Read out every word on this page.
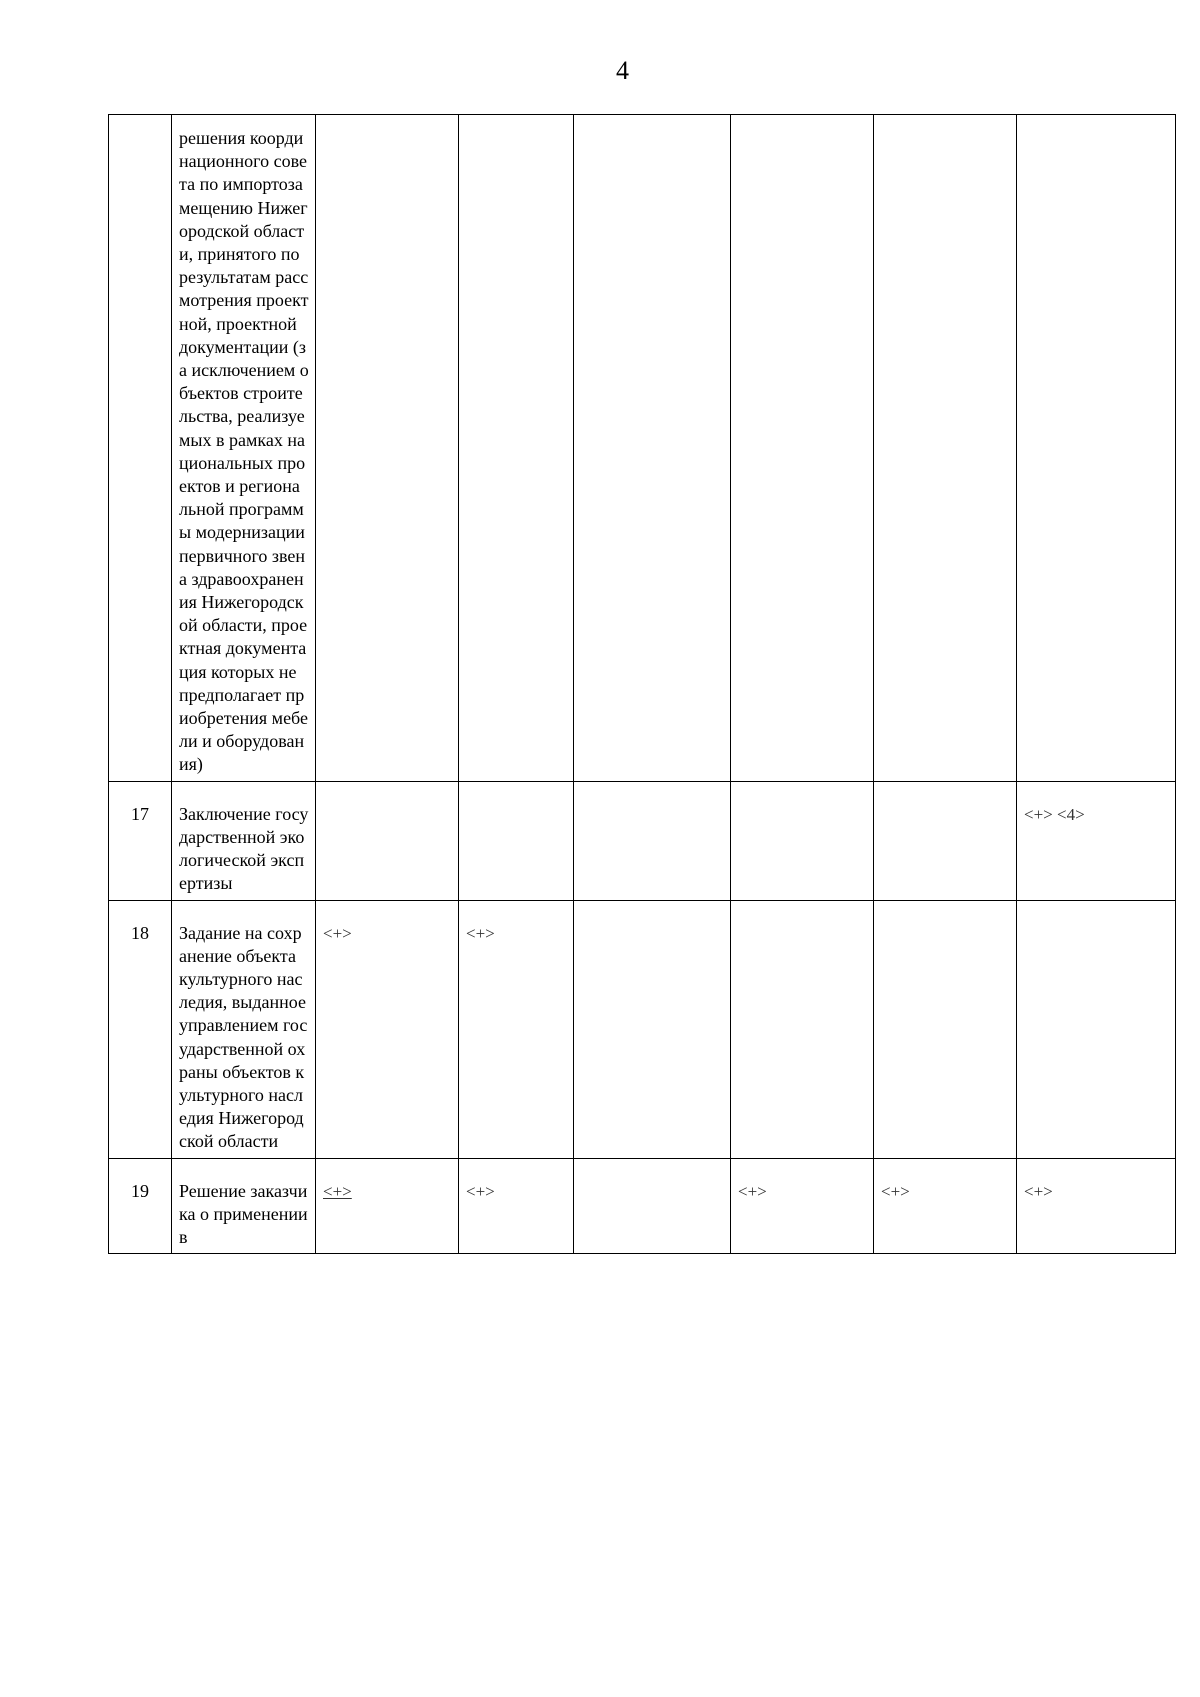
4

	решения координационного совета по импортозамещению Нижегородской области, принятого по результатам рассмотрения проектной, проектной документации (за исключением объектов строительства, реализуемых в рамках национальных проектов и региональной программы модернизации первичного звена здравоохранения Нижегородской области, проектная документация которых не предполагает приобретения мебели и оборудования)						

17	Заключение государственной экологической экспертизы						<+> <4>
18	Задание на сохранение объекта культурного наследия, выданное управлением государственной охраны объектов культурного наследия Нижегородской области	<+>	<+>				
19	Решение заказчика о применении в	<+>	<+>		<+>	<+>	<+>
